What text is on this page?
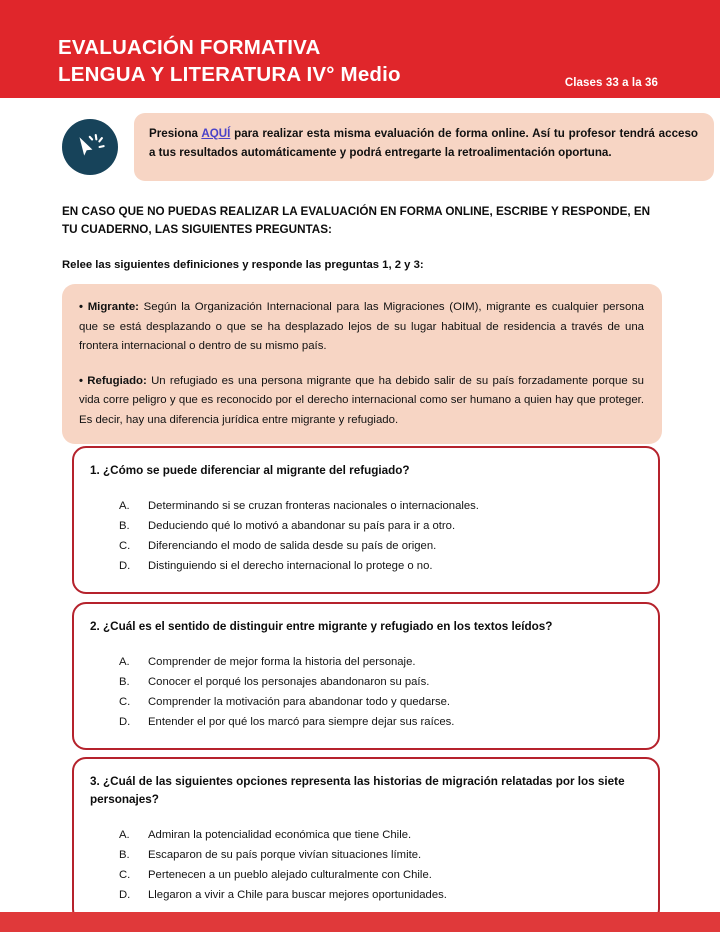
EVALUACIÓN FORMATIVA
LENGUA Y LITERATURA IV° Medio	Clases 33 a la 36
Presiona AQUÍ para realizar esta misma evaluación de forma online. Así tu profesor tendrá acceso a tus resultados automáticamente y podrá entregarte la retroalimentación oportuna.
EN CASO QUE NO PUEDAS REALIZAR LA EVALUACIÓN EN FORMA ONLINE, ESCRIBE Y RESPONDE, EN TU CUADERNO, LAS SIGUIENTES PREGUNTAS:
Relee las siguientes definiciones y responde las preguntas 1, 2 y 3:
• Migrante: Según la Organización Internacional para las Migraciones (OIM), migrante es cualquier persona que se está desplazando o que se ha desplazado lejos de su lugar habitual de residencia a través de una frontera internacional o dentro de su mismo país.
• Refugiado: Un refugiado es una persona migrante que ha debido salir de su país forzadamente porque su vida corre peligro y que es reconocido por el derecho internacional como ser humano a quien hay que proteger. Es decir, hay una diferencia jurídica entre migrante y refugiado.
1. ¿Cómo se puede diferenciar al migrante del refugiado?
A.	Determinando si se cruzan fronteras nacionales o internacionales.
B.	Deduciendo qué lo motivó a abandonar su país para ir a otro.
C.	Diferenciando el modo de salida desde su país de origen.
D.	Distinguiendo si el derecho internacional lo protege o no.
2. ¿Cuál es el sentido de distinguir entre migrante y refugiado en los textos leídos?
A.	Comprender de mejor forma la historia del personaje.
B.	Conocer el porqué los personajes abandonaron su país.
C.	Comprender la motivación para abandonar todo y quedarse.
D.	Entender el por qué los marcó para siempre dejar sus raíces.
3. ¿Cuál de las siguientes opciones representa las historias de migración relatadas por los siete personajes?
A.	Admiran la potencialidad económica que tiene Chile.
B.	Escaparon de su país porque vivían situaciones límite.
C.	Pertenecen a un pueblo alejado culturalmente con Chile.
D.	Llegaron a vivir a Chile para buscar mejores oportunidades.
